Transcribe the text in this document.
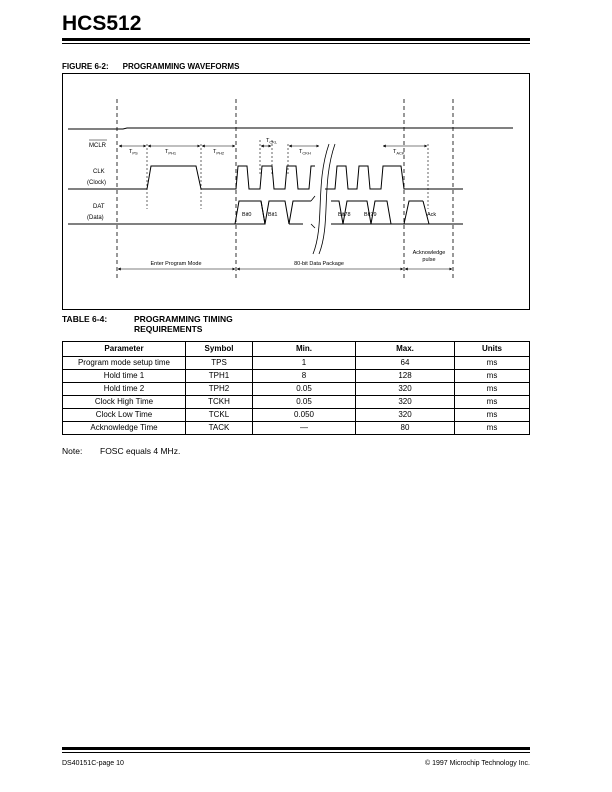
HCS512
FIGURE 6-2: PROGRAMMING WAVEFORMS
MCLR
CLK
(Clock)
DAT
(Data)
$T_{PS}$	$T_{PH1}$	$T_{PH2}$
$T_{CKL}$
$T_{CKH}$	$T_{ACK}$
Bit0	Bit1	Bit78 Bit79	Ack
Enter Program Mode	80-bit Data Package
Acknowledge
pulse
TABLE 6-4:	PROGRAMMING TIMING
REQUIREMENTS
Parameter	Symbol	Min.	Max.	Units
Program mode setup time	TPS	1	64	ms
Hold time 1	TPH1	8	128	ms
Hold time 2	TPH2	0.05	320	ms
Clock High Time	TCKH	0.05	320	ms
Clock Low Time	TCKL	0.050	320	ms
Acknowledge Time	TACK	—	80	ms
Note: FOSC equals 4 MHz.
DS40151C-page 10	© 1997 Microchip Technology Inc.
